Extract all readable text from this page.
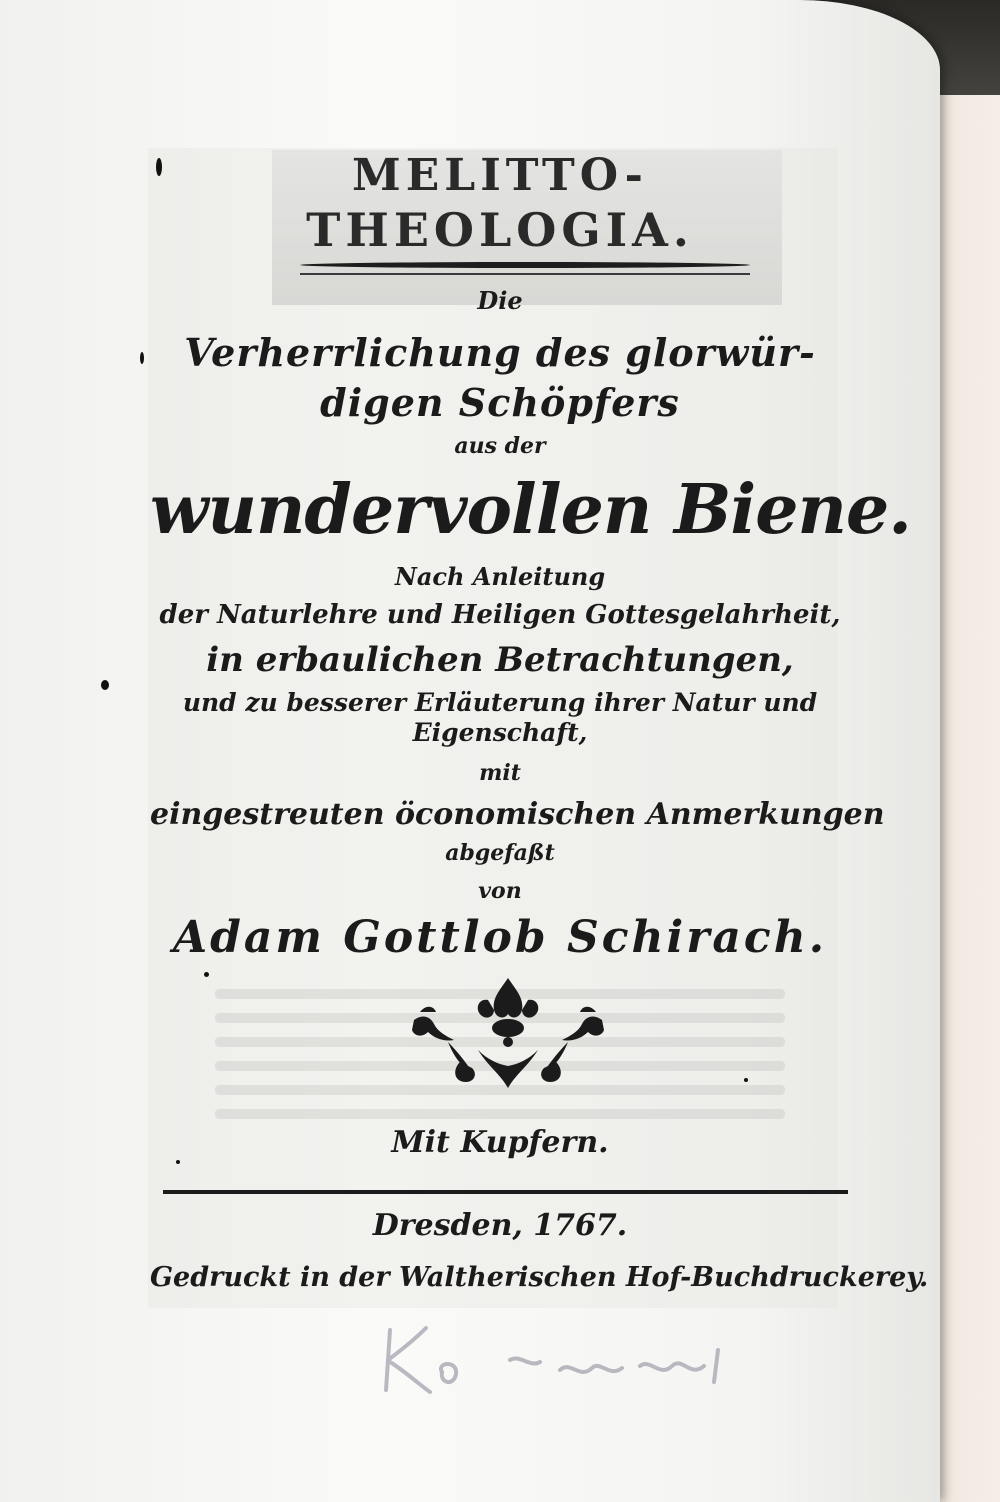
MELITTO-
THEOLOGIA.
Die
Verherrlichung des glorwür-
digen Schöpfers
aus der
wundervollen Biene.
Nach Anleitung
der Naturlehre und Heiligen Gottesgelahrheit,
in erbaulichen Betrachtungen,
und zu besserer Erläuterung ihrer Natur und
Eigenschaft,
mit
eingestreuten öconomischen Anmerkungen
abgefaßt
von
Adam Gottlob Schirach.
Mit Kupfern.
Dresden, 1767.
Gedruckt in der Waltherischen Hof-Buchdruckerey.
